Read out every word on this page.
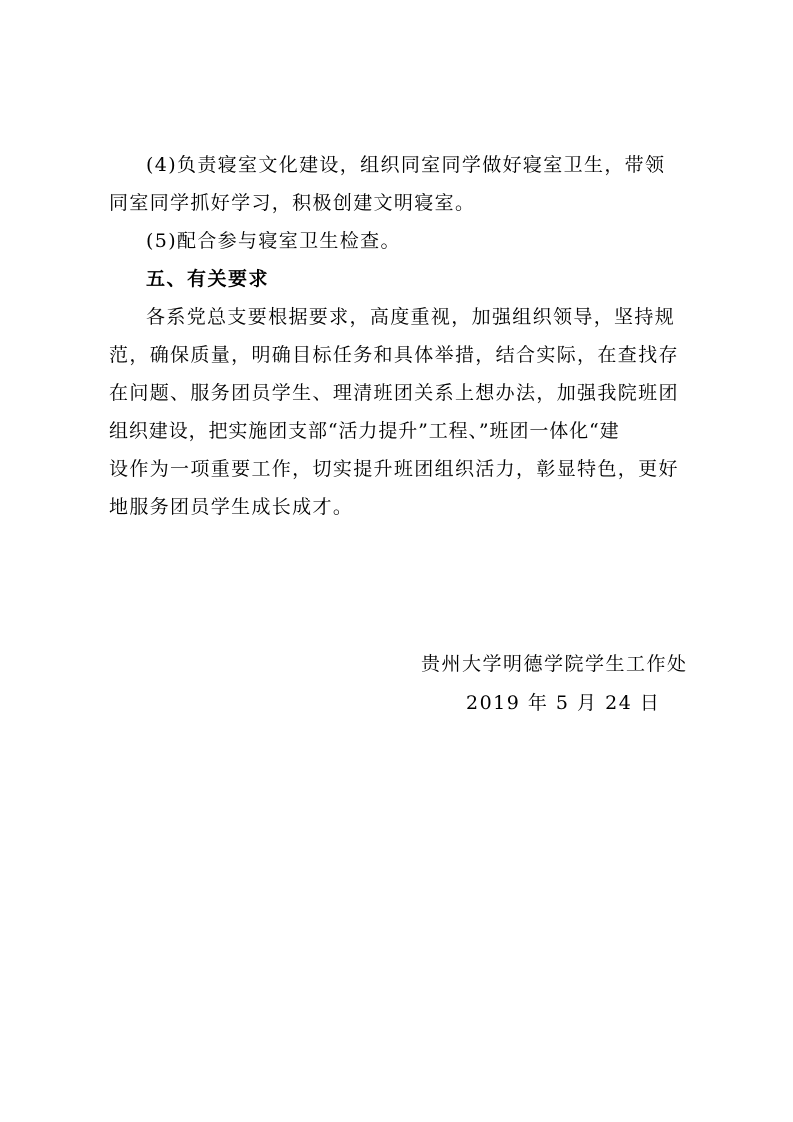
(4)负责寝室文化建设，组织同室同学做好寝室卫生，带领
同室同学抓好学习，积极创建文明寝室。
(5)配合参与寝室卫生检查。
五、有关要求
各系党总支要根据要求，高度重视，加强组织领导，坚持规
范，确保质量，明确目标任务和具体举措，结合实际，在查找存
在问题、服务团员学生、理清班团关系上想办法，加强我院班团
组织建设，把实施团支部“活力提升”工程、”班团一体化“建
设作为一项重要工作，切实提升班团组织活力，彰显特色，更好
地服务团员学生成长成才。
贵州大学明德学院学生工作处
2019 年 5 月 24 日
